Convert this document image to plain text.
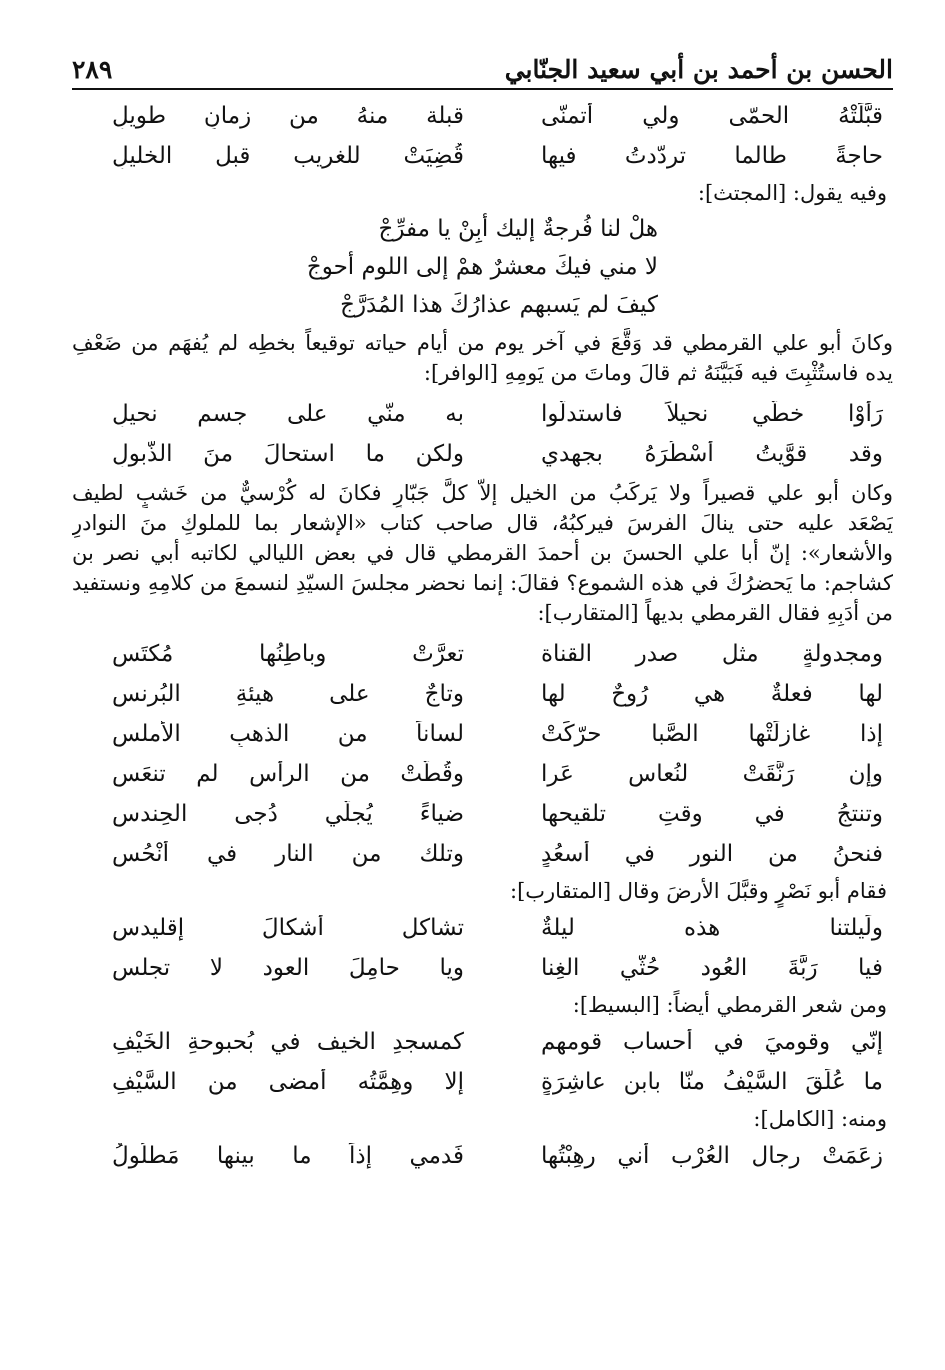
الحسن بن أحمد بن أبي سعيد الجنّابي
٢٨٩
قبَّلَتْهُ الحمّى ولي أتمنّى
قبلة منهُ من زمانٍ طويلِ
حاجةً طالما تردّدتُ فيها
قُضِيَتْ للغريب قبل الخليلِ
وفيه يقول: [المجتث]:
هلْ لنا فُرجةٌ إليك أبِنْ يا مفرِّجْ
لا مني فيكَ معشرٌ همْ إلى اللوم أحوجْ
كيفَ لم يَسبهم عذارُكَ هذا المُدَرَّجْ
وكانَ أبو علي القرمطي قد وَقَّعَ في آخر يوم من أيام حياته توقيعاً بخطِه لم يُفهَم من ضَعْفِ
يده فاستُثْبِتَ فيه فَبَيَّنَهُ ثم قالَ وماتَ من يَومِهِ [الوافر]:
رَأَوْا خطّي نحيلاً فاستدلّوا
به منّي على جسمٍ نحيلِ
وقد قوَّيتُ أسْطُرَهُ بجهدي
ولكن ما استحالَ منَ الذُّبولِ
وكان أبو علي قصيراً ولا يَركَبُ من الخيل إلاّ كلَّ جَبّارٍ فكانَ له كُرْسيٌّ من خَشبٍ لطيف
يَصْعَد عليه حتى ينالَ الفرسَ فيركبُهُ، قال صاحب كتاب «الإشعار بما للملوكِ منَ النوادرِ
والأشعار»: إنّ أبا علي الحسنَ بن أحمدَ القرمطي قال في بعض الليالي لكاتبه أبي نصر بن
كشاجم: ما يَحضرُكَ في هذه الشموع؟ فقالَ: إنما نحضر مجلسَ السيّدِ لنسمعَ من كلامِهِ ونستفيد
من أدَبِهِ فقال القرمطي بديهاً [المتقارب]:
ومجدولةٍ مثل صدر القناة
تعرَّتْ وباطِنُها مُكتَسِ
لها فعلةٌ هي رُوحٌ لها
وتاجٌ على هيئةِ البُرنسِ
إذا غازلَتْها الصَّبا حرّكَتْ
لساناً من الذهبِ الأملسِ
وإن رَنَّقَتْ لنُعاسٍ عَرا
وقُطَّتْ من الرأس لم تنعَسِ
وتنتجُ في وقتِ تلقيحها
ضياءً يُجلّي دُجى الحِندسِ
فنحنُ من النور في أسعُدٍ
وتلك من النارِ في أنْحُسِ
فقام أبو نَصْرٍ وقبَّلَ الأرضَ وقال [المتقارب]:
ولَيلتنا هذه ليلةٌ
تشاكل أشكالَ إقليدسِ
فيا رَبَّةَ العُود حُثّي الغِنا
ويا حامِلَ العود لا تجلسِ
ومن شعر القرمطي أيضاً: [البسيط]:
إنّي وقوميَ في أحساب قومهم
كمسجدِ الخيف في بُحبوحةِ الخَيْفِ
ما عُلِّقَ السَّيْفُ منّا بابن عاشِرَةٍ
إلا وهِمَّتُه أمضى من السَّيْفِ
ومنه: [الكامل]:
زعَمَتْ رجال العُرْب أني رهِبْتُها
فَدمي إذاً ما بينها مَطلُولُ
